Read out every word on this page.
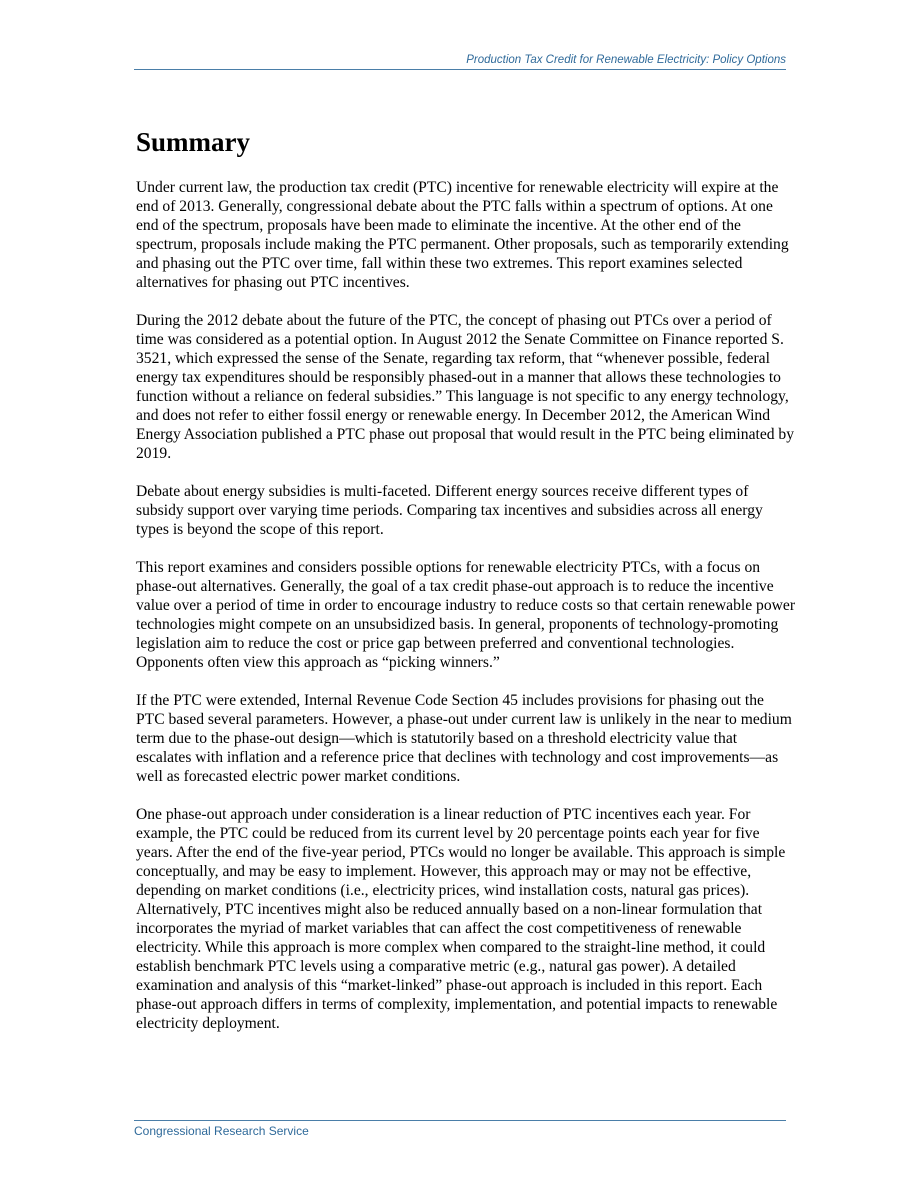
Production Tax Credit for Renewable Electricity: Policy Options
Summary

Under current law, the production tax credit (PTC) incentive for renewable electricity will expire at the end of 2013. Generally, congressional debate about the PTC falls within a spectrum of options. At one end of the spectrum, proposals have been made to eliminate the incentive. At the other end of the spectrum, proposals include making the PTC permanent. Other proposals, such as temporarily extending and phasing out the PTC over time, fall within these two extremes. This report examines selected alternatives for phasing out PTC incentives.

During the 2012 debate about the future of the PTC, the concept of phasing out PTCs over a period of time was considered as a potential option. In August 2012 the Senate Committee on Finance reported S. 3521, which expressed the sense of the Senate, regarding tax reform, that “whenever possible, federal energy tax expenditures should be responsibly phased-out in a manner that allows these technologies to function without a reliance on federal subsidies.” This language is not specific to any energy technology, and does not refer to either fossil energy or renewable energy. In December 2012, the American Wind Energy Association published a PTC phase out proposal that would result in the PTC being eliminated by 2019.

Debate about energy subsidies is multi-faceted. Different energy sources receive different types of subsidy support over varying time periods. Comparing tax incentives and subsidies across all energy types is beyond the scope of this report.

This report examines and considers possible options for renewable electricity PTCs, with a focus on phase-out alternatives. Generally, the goal of a tax credit phase-out approach is to reduce the incentive value over a period of time in order to encourage industry to reduce costs so that certain renewable power technologies might compete on an unsubsidized basis. In general, proponents of technology-promoting legislation aim to reduce the cost or price gap between preferred and conventional technologies. Opponents often view this approach as “picking winners.”

If the PTC were extended, Internal Revenue Code Section 45 includes provisions for phasing out the PTC based several parameters. However, a phase-out under current law is unlikely in the near to medium term due to the phase-out design—which is statutorily based on a threshold electricity value that escalates with inflation and a reference price that declines with technology and cost improvements—as well as forecasted electric power market conditions.

One phase-out approach under consideration is a linear reduction of PTC incentives each year. For example, the PTC could be reduced from its current level by 20 percentage points each year for five years. After the end of the five-year period, PTCs would no longer be available. This approach is simple conceptually, and may be easy to implement. However, this approach may or may not be effective, depending on market conditions (i.e., electricity prices, wind installation costs, natural gas prices). Alternatively, PTC incentives might also be reduced annually based on a non-linear formulation that incorporates the myriad of market variables that can affect the cost competitiveness of renewable electricity. While this approach is more complex when compared to the straight-line method, it could establish benchmark PTC levels using a comparative metric (e.g., natural gas power). A detailed examination and analysis of this “market-linked” phase-out approach is included in this report. Each phase-out approach differs in terms of complexity, implementation, and potential impacts to renewable electricity deployment.

Congressional Research Service
